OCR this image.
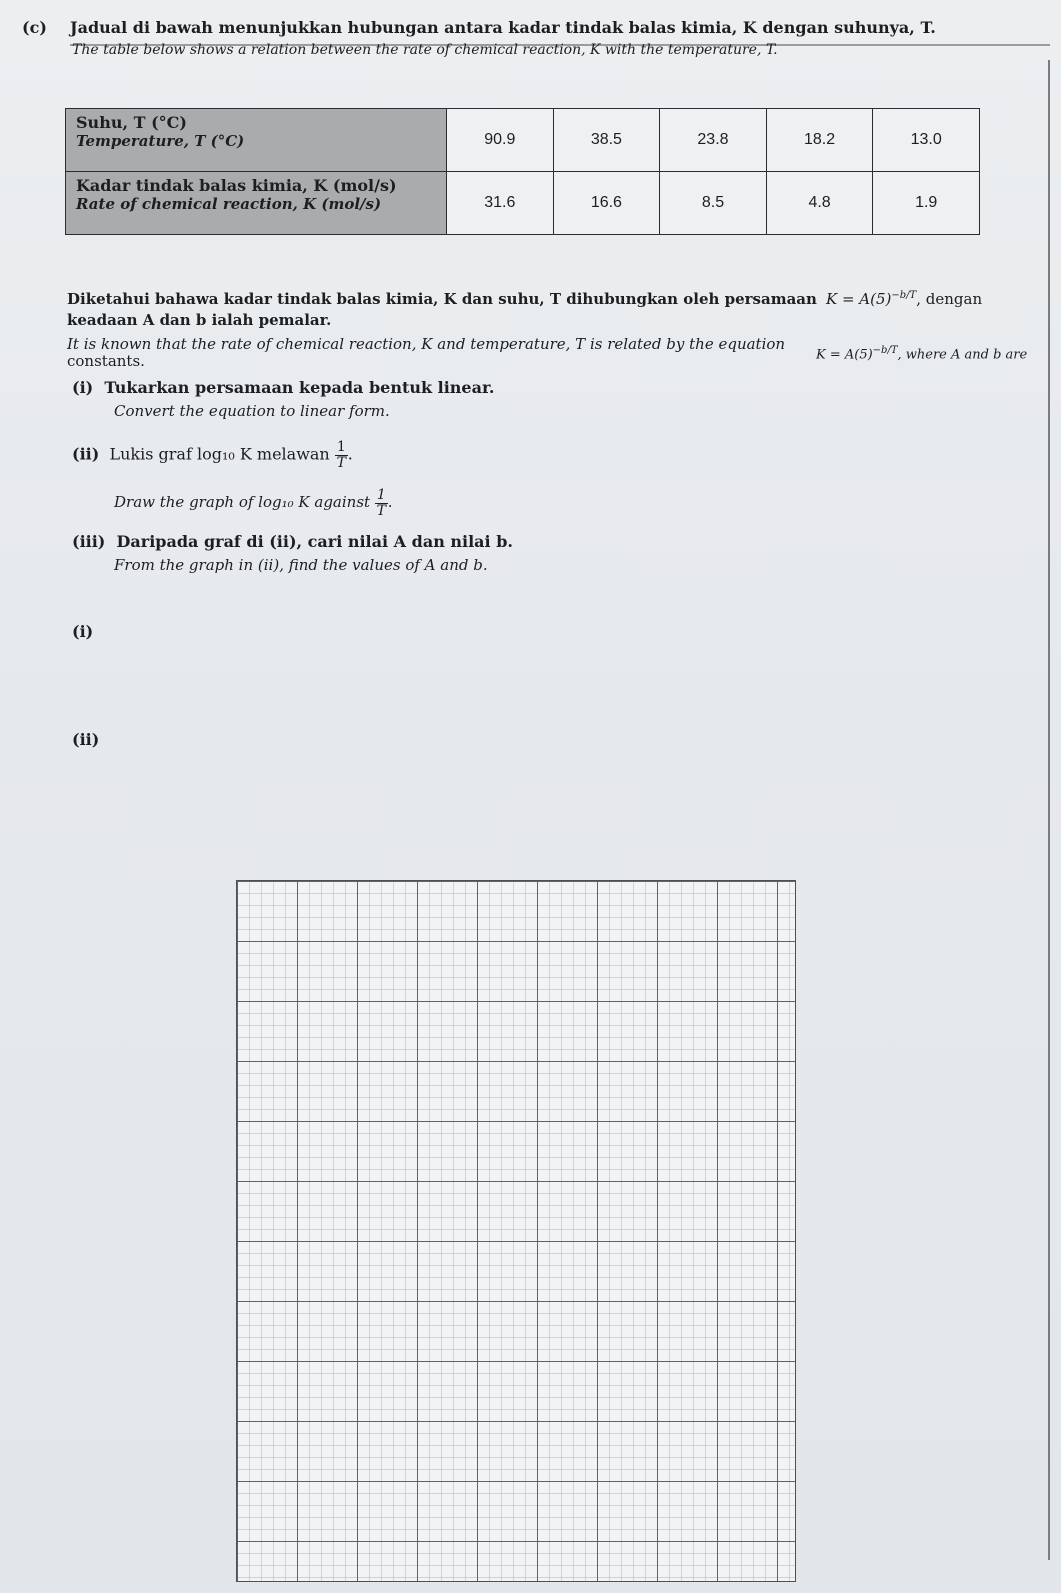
(c) Jadual di bawah menunjukkan hubungan antara kadar tindak balas kimia, K dengan suhunya, T.
The table below shows a relation between the rate of chemical reaction, K with the temperature, T.
Suhu, T (°C)
Temperature, T (°C)	90.9	38.5	23.8	18.2	13.0

Kadar tindak balas kimia, K (mol/s)
Rate of chemical reaction, K (mol/s)	31.6	16.6	8.5	4.8	1.9
Diketahui bahawa kadar tindak balas kimia, K dan suhu, T dihubungkan oleh persamaan $K = A(5)^{-b/T}$, dengan
keadaan A dan b ialah pemalar.
It is known that the rate of chemical reaction, K and temperature, T is related by the equation
$K = A(5)^{-b/T}$, where A and b are
constants.
(i) Tukarkan persamaan kepada bentuk linear.
Convert the equation to linear form.
(ii) Lukis graf log₁₀ K melawan $\frac{1}{T}$ .
Draw the graph of log₁₀ K against $\frac{1}{T}$ .
(iii) Daripada graf di (ii), cari nilai A dan nilai b.
From the graph in (ii), find the values of A and b.
(i)
(ii)
